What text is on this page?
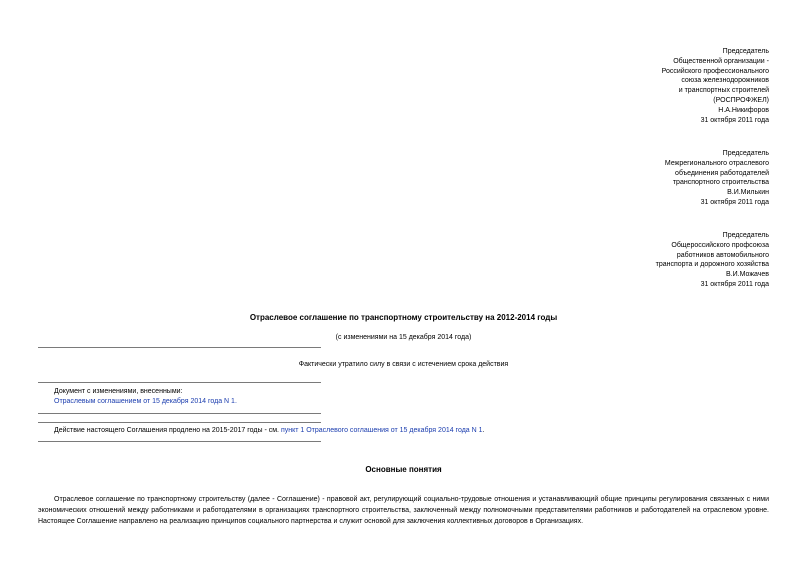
Председатель
Общественной организации -
Российского профессионального
союза железнодорожников
и транспортных строителей
(РОСПРОФЖЕЛ)
Н.А.Никифоров
31 октября 2011 года
Председатель
Межрегионального отраслевого
объединения работодателей
транспортного строительства
В.И.Милькин
31 октября 2011 года
Председатель
Общероссийского профсоюза
работников автомобильного
транспорта и дорожного хозяйства
В.И.Можачев
31 октября 2011 года
Отраслевое соглашение по транспортному строительству на 2012-2014 годы
(с изменениями на 15 декабря 2014 года)
Фактически утратило силу в связи с истечением срока действия
Документ с изменениями, внесенными:
Отраслевым соглашением от 15 декабря 2014 года N 1.
Действие настоящего Соглашения продлено на 2015-2017 годы - см. пункт 1 Отраслевого соглашения от 15 декабря 2014 года N 1.
Основные понятия
Отраслевое соглашение по транспортному строительству (далее - Соглашение) - правовой акт, регулирующий социально-трудовые отношения и устанавливающий общие принципы регулирования связанных с ними экономических отношений между работниками и работодателями в организациях транспортного строительства, заключенный между полномочными представителями работников и работодателей на отраслевом уровне. Настоящее Соглашение направлено на реализацию принципов социального партнерства и служит основой для заключения коллективных договоров в Организациях.
